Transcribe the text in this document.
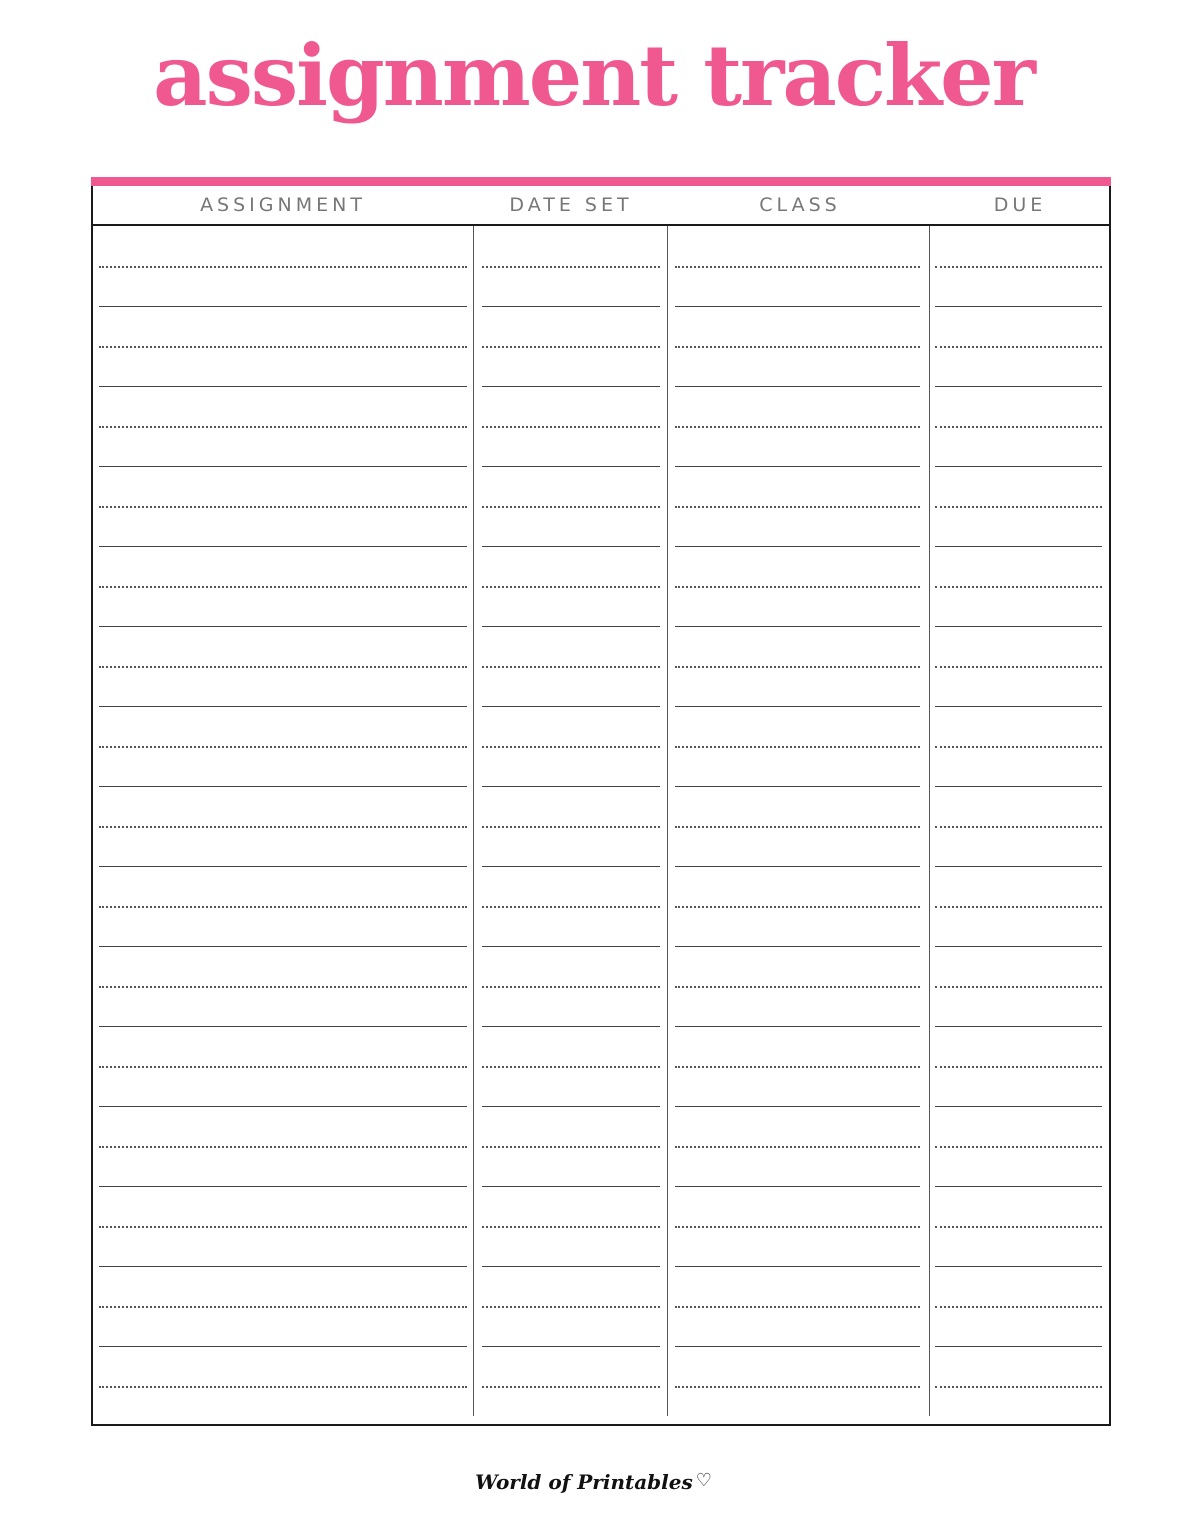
assignment tracker
ASSIGNMENT	DATE SET	CLASS	DUE
World of Printables ♡
